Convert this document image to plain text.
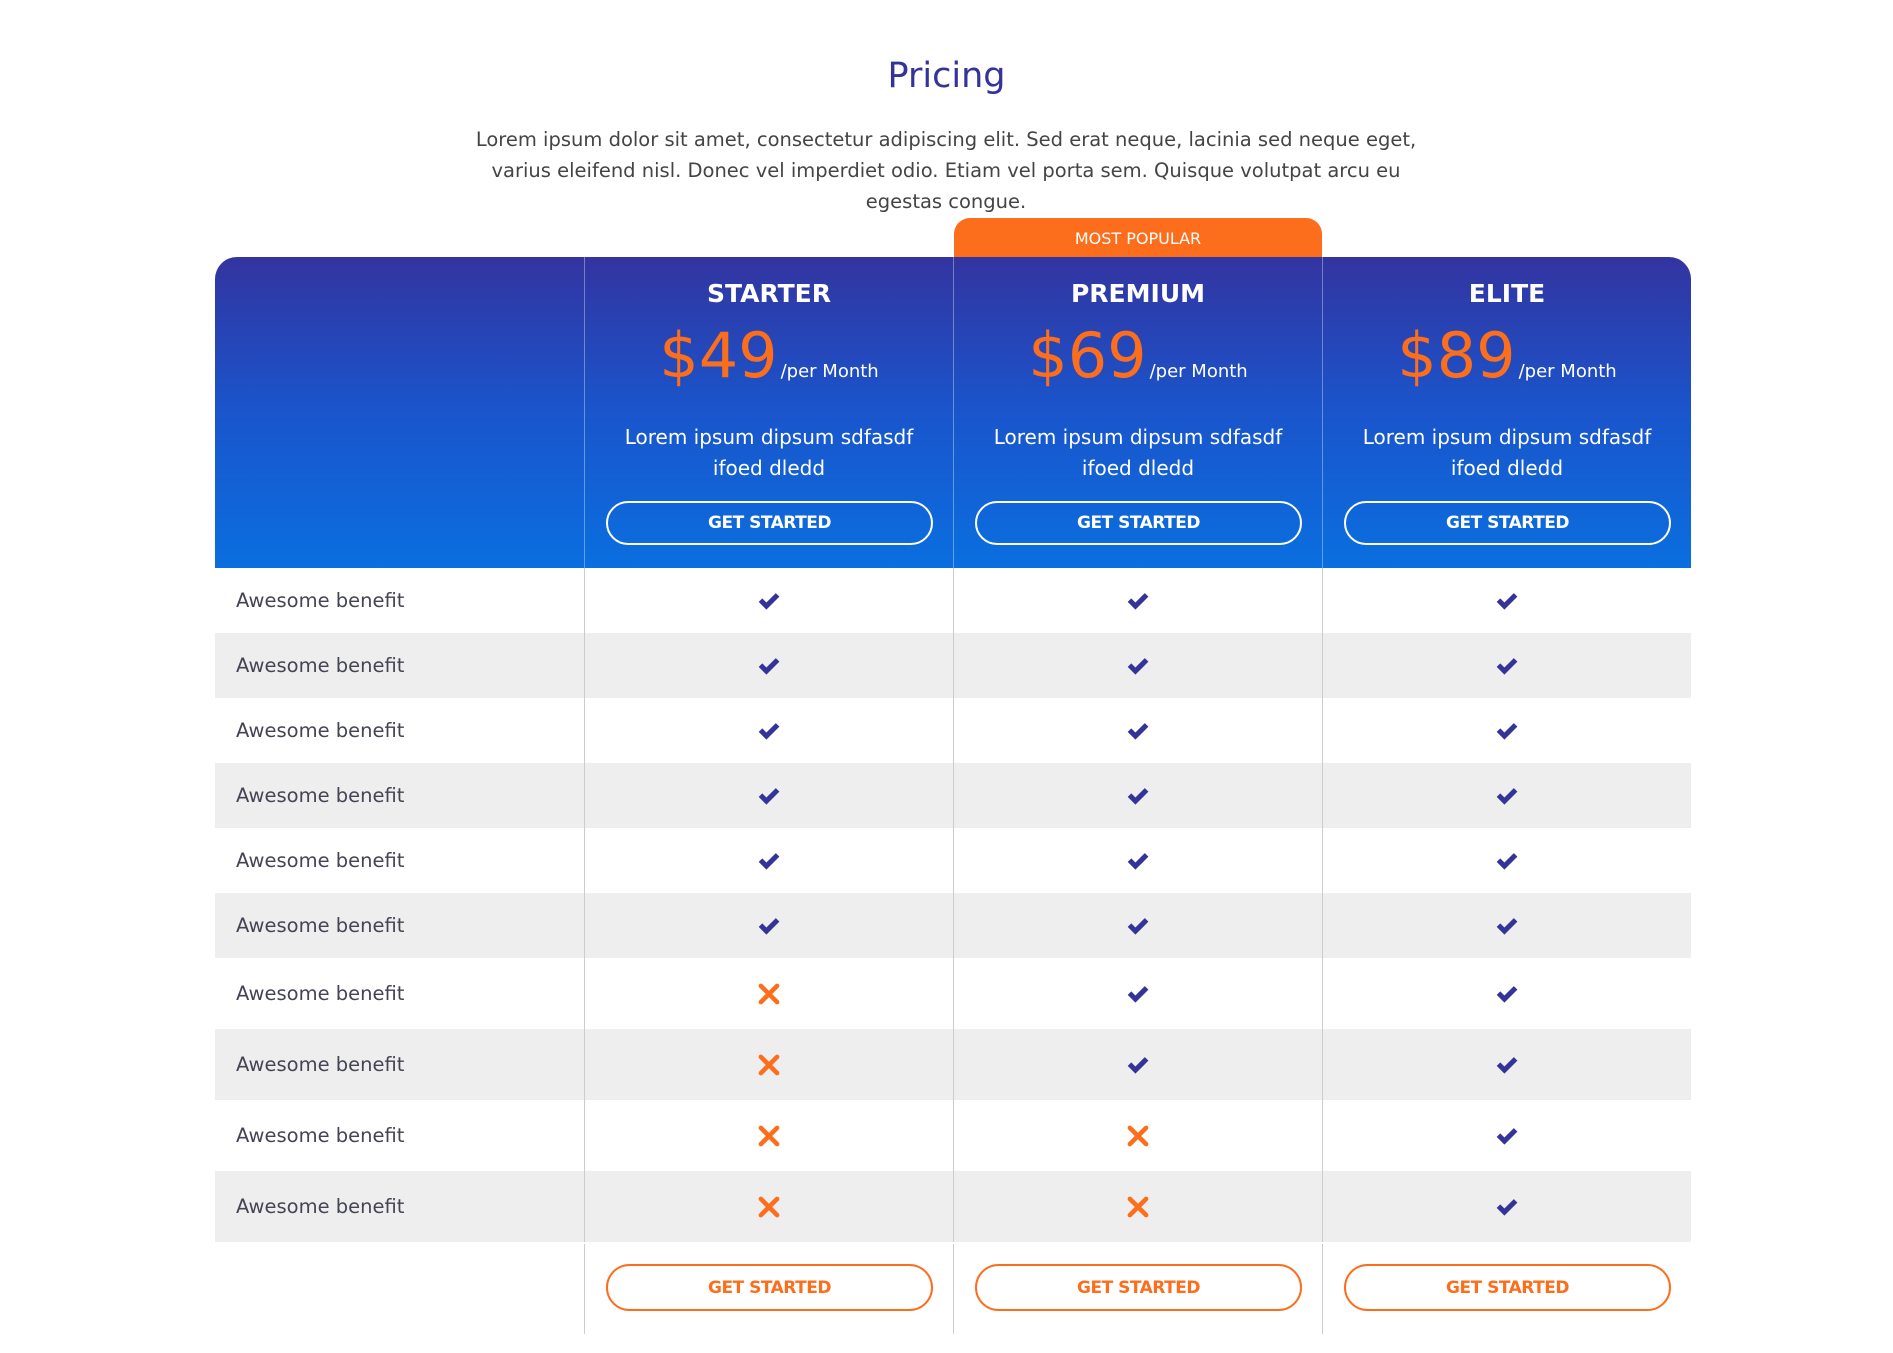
Pricing

Lorem ipsum dolor sit amet, consectetur adipiscing elit. Sed erat neque, lacinia sed neque eget, varius eleifend nisl. Donec vel imperdiet odio. Etiam vel porta sem. Quisque volutpat arcu eu egestas congue.

MOST POPULAR
STARTER
$49 /per Month
Lorem ipsum dipsum sdfasdf ifoed dledd
GET STARTED
PREMIUM
$69 /per Month
Lorem ipsum dipsum sdfasdf ifoed dledd
GET STARTED
ELITE
$89 /per Month
Lorem ipsum dipsum sdfasdf ifoed dledd
GET STARTED
Awesome benefit
Awesome benefit
Awesome benefit
Awesome benefit
Awesome benefit
Awesome benefit
Awesome benefit
Awesome benefit
Awesome benefit
Awesome benefit
GET STARTED	GET STARTED	GET STARTED
